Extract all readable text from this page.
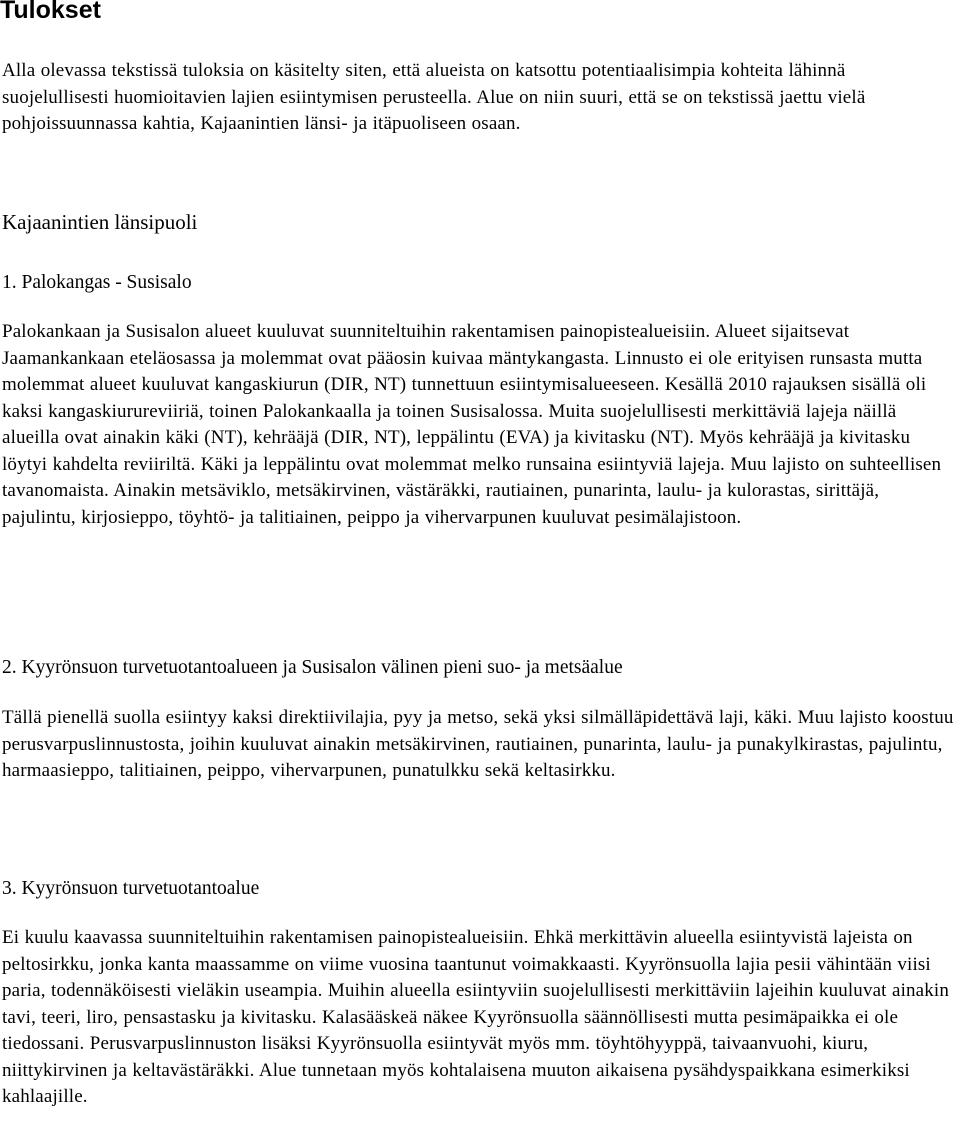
Tulokset

Alla olevassa tekstissä tuloksia on käsitelty siten, että alueista on katsottu potentiaalisimpia kohteita lähinnä suojelullisesti huomioitavien lajien esiintymisen perusteella. Alue on niin suuri, että se on tekstissä jaettu vielä pohjoissuunnassa kahtia, Kajaanintien länsi- ja itäpuoliseen osaan.

Kajaanintien länsipuoli
1. Palokangas - Susisalo

Palokankaan ja Susisalon alueet kuuluvat suunniteltuihin rakentamisen painopistealueisiin. Alueet sijaitsevat Jaamankankaan eteläosassa ja molemmat ovat pääosin kuivaa mäntykangasta. Linnusto ei ole erityisen runsasta mutta molemmat alueet kuuluvat kangaskiurun (DIR, NT) tunnettuun esiintymisalueeseen. Kesällä 2010 rajauksen sisällä oli kaksi kangaskiurureviiriä, toinen Palokankaalla ja toinen Susisalossa. Muita suojelullisesti merkittäviä lajeja näillä alueilla ovat ainakin käki (NT), kehrääjä (DIR, NT), leppälintu (EVA) ja kivitasku (NT). Myös kehrääjä ja kivitasku löytyi kahdelta reviiriltä. Käki ja leppälintu ovat molemmat melko runsaina esiintyviä lajeja. Muu lajisto on suhteellisen tavanomaista. Ainakin metsäviklo, metsäkirvinen, västäräkki, rautiainen, punarinta, laulu- ja kulorastas, sirittäjä, pajulintu, kirjosieppo, töyhtö- ja talitiainen, peippo ja vihervarpunen kuuluvat pesimälajistoon.

2. Kyyrönsuon turvetuotantoalueen ja Susisalon välinen pieni suo- ja metsäalue

Tällä pienellä suolla esiintyy kaksi direktiivilajia, pyy ja metso, sekä yksi silmälläpidettävä laji, käki. Muu lajisto koostuu perusvarpuslinnustosta, joihin kuuluvat ainakin metsäkirvinen, rautiainen, punarinta, laulu- ja punakylkirastas, pajulintu, harmaasieppo, talitiainen, peippo, vihervarpunen, punatulkku sekä keltasirkku.

3. Kyyrönsuon turvetuotantoalue

Ei kuulu kaavassa suunniteltuihin rakentamisen painopistealueisiin. Ehkä merkittävin alueella esiintyvistä lajeista on peltosirkku, jonka kanta maassamme on viime vuosina taantunut voimakkaasti. Kyyrönsuolla lajia pesii vähintään viisi paria, todennäköisesti vieläkin useampia. Muihin alueella esiintyviin suojelullisesti merkittäviin lajeihin kuuluvat ainakin tavi, teeri, liro, pensastasku ja kivitasku. Kalasääskeä näkee Kyyrönsuolla säännöllisesti mutta pesimäpaikka ei ole tiedossani. Perusvarpuslinnuston lisäksi Kyyrönsuolla esiintyvät myös mm. töyhtöhyyppä, taivaanvuohi, kiuru, niittykirvinen ja keltavästäräkki. Alue tunnetaan myös kohtalaisena muuton aikaisena pysähdyspaikkana esimerkiksi kahlaajille.
